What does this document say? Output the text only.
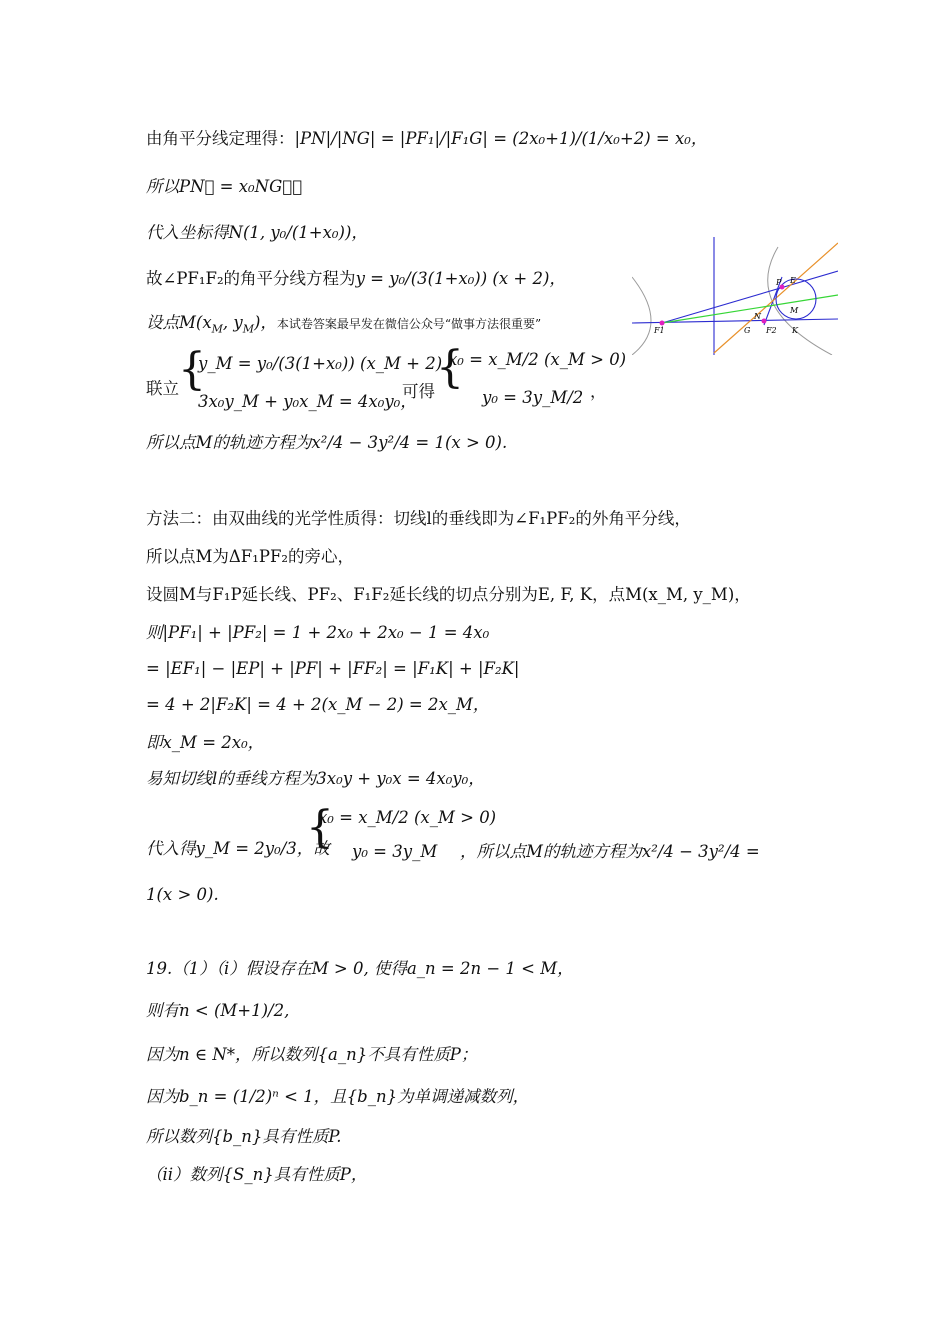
由角平分线定理得：|PN|/|NG| = |PF₁|/|F₁G| = (2x₀+1)/(1/x₀+2) = x₀，
所以PN⃗ = x₀NG⃗，
代入坐标得N(1, y₀/(1+x₀))，
故∠PF₁F₂的角平分线方程为y = y₀/(3(1+x₀)) (x + 2)，
设点$M(x_M$, $y_M$)，本试卷答案最早发在微信公众号“做事方法很重要”
联立 {
y_M = y₀/(3(1+x₀)) (x_M + 2)
3x₀y_M + y₀x_M = 4x₀y₀，
可得 {
x₀ = x_M/2 (x_M > 0)
y₀ = 3y_M/2 ，
所以点M的轨迹方程为x²/4 − 3y²/4 = 1(x > 0).
方法二：由双曲线的光学性质得：切线l的垂线即为∠F₁PF₂的外角平分线，
所以点M为ΔF₁PF₂的旁心，
设圆M与F₁P延长线、PF₂、F₁F₂延长线的切点分别为E, F, K，点M(x_M, y_M)，
则|PF₁| + |PF₂| = 1 + 2x₀ + 2x₀ − 1 = 4x₀
= |EF₁| − |EP| + |PF| + |FF₂| = |F₁K| + |F₂K|
= 4 + 2|F₂K| = 4 + 2(x_M − 2) = 2x_M，
即x_M = 2x₀，
易知切线l的垂线方程为3x₀y + y₀x = 4x₀y₀，
代入得y_M = 2y₀/3，故
{
x₀ = x_M/2 (x_M > 0)
y₀ = 3y_M ，所以点M的轨迹方程为x²/4 − 3y²/4 =
1(x > 0).
19.（1）（ⅰ）假设存在M > 0, 使得a_n = 2n − 1 < M，
则有n < (M+1)/2,
因为n ∈ N*，所以数列{a_n}不具有性质P；
因为b_n = (1/2)ⁿ < 1，且{b_n}为单调递减数列，
所以数列{b_n}具有性质P.
（ⅱ）数列{S_n}具有性质P，
F1	G
N
F2 K
M
P E
